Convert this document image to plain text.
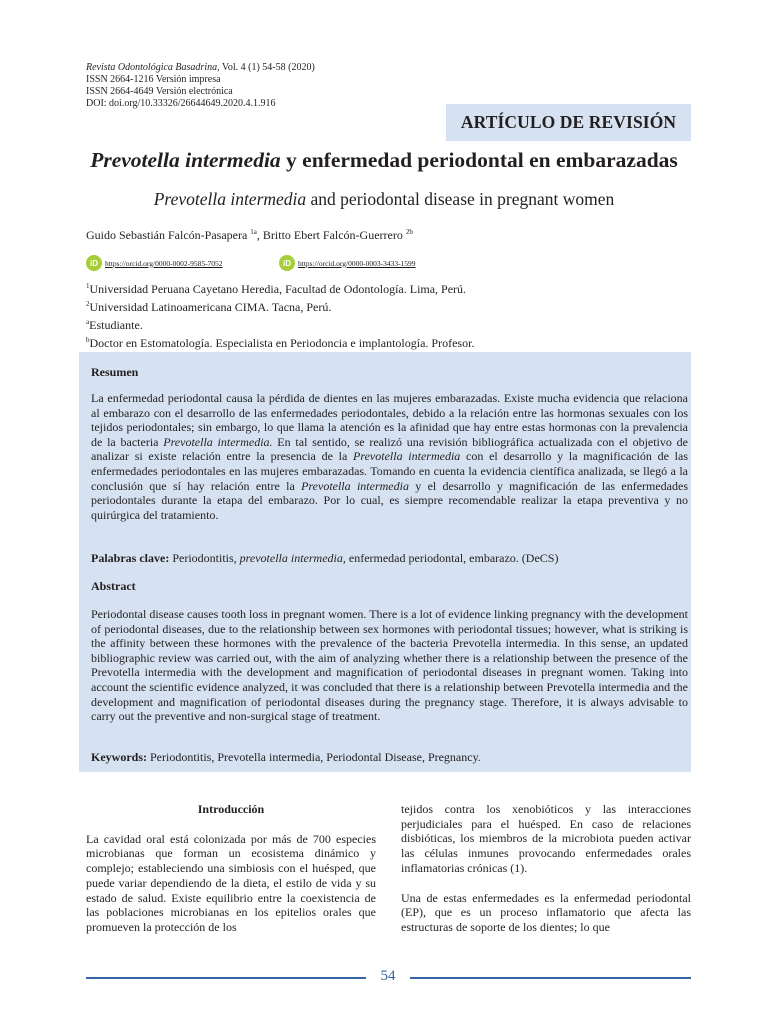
Revista Odontológica Basadrina, Vol. 4 (1) 54-58 (2020)
ISSN 2664-1216 Versión impresa
ISSN 2664-4649 Versión electrónica
DOI: doi.org/10.33326/26644649.2020.4.1.916
ARTÍCULO DE REVISIÓN
Prevotella intermedia y enfermedad periodontal en embarazadas
Prevotella intermedia and periodontal disease in pregnant women
Guido Sebastián Falcón-Pasapera $^{1a}$, Britto Ebert Falcón-Guerrero $^{2b}$
iD https://orcid.org/0000-0002-9585-7052	iD https://orcid.org/0000-0003-3433-1599
$^1$Universidad Peruana Cayetano Heredia, Facultad de Odontología. Lima, Perú.
$^2$Universidad Latinoamericana CIMA. Tacna, Perú.
$^a$Estudiante.
$^b$Doctor en Estomatología. Especialista en Periodoncia e implantología. Profesor.
Resumen
La enfermedad periodontal causa la pérdida de dientes en las mujeres embarazadas. Existe mucha evidencia que relaciona al embarazo con el desarrollo de las enfermedades periodontales, debido a la relación entre las hormonas sexuales con los tejidos periodontales; sin embargo, lo que llama la atención es la afinidad que hay entre estas hormonas con la prevalencia de la bacteria Prevotella intermedia. En tal sentido, se realizó una revisión bibliográfica actualizada con el objetivo de analizar si existe relación entre la presencia de la Prevotella intermedia con el desarrollo y la magnificación de las enfermedades periodontales en las mujeres embarazadas. Tomando en cuenta la evidencia científica analizada, se llegó a la conclusión que sí hay relación entre la Prevotella intermedia y el desarrollo y magnificación de las enfermedades periodontales durante la etapa del embarazo. Por lo cual, es siempre recomendable realizar la etapa preventiva y no quirúrgica del tratamiento.
Palabras clave: Periodontitis, prevotella intermedia, enfermedad periodontal, embarazo. (DeCS)
Abstract
Periodontal disease causes tooth loss in pregnant women. There is a lot of evidence linking pregnancy with the development of periodontal diseases, due to the relationship between sex hormones with periodontal tissues; however, what is striking is the affinity between these hormones with the prevalence of the bacteria Prevotella intermedia. In this sense, an updated bibliographic review was carried out, with the aim of analyzing whether there is a relationship between the presence of the Prevotella intermedia with the development and magnification of periodontal diseases in pregnant women. Taking into account the scientific evidence analyzed, it was concluded that there is a relationship between Prevotella intermedia and the development and magnification of periodontal diseases during the pregnancy stage. Therefore, it is always advisable to carry out the preventive and non-surgical stage of treatment.
Keywords: Periodontitis, Prevotella intermedia, Periodontal Disease, Pregnancy.
Introducción

La cavidad oral está colonizada por más de 700 especies microbianas que forman un ecosistema dinámico y complejo; estableciendo una simbiosis con el huésped, que puede variar dependiendo de la dieta, el estilo de vida y su estado de salud. Existe equilibrio entre la coexistencia de las poblaciones microbianas en los epitelios orales que promueven la protección de los

tejidos contra los xenobióticos y las interacciones perjudiciales para el huésped. En caso de relaciones disbióticas, los miembros de la microbiota pueden activar las células inmunes provocando enfermedades orales inflamatorias crónicas (1).

Una de estas enfermedades es la enfermedad periodontal (EP), que es un proceso inflamatorio que afecta las estructuras de soporte de los dientes; lo que

54
